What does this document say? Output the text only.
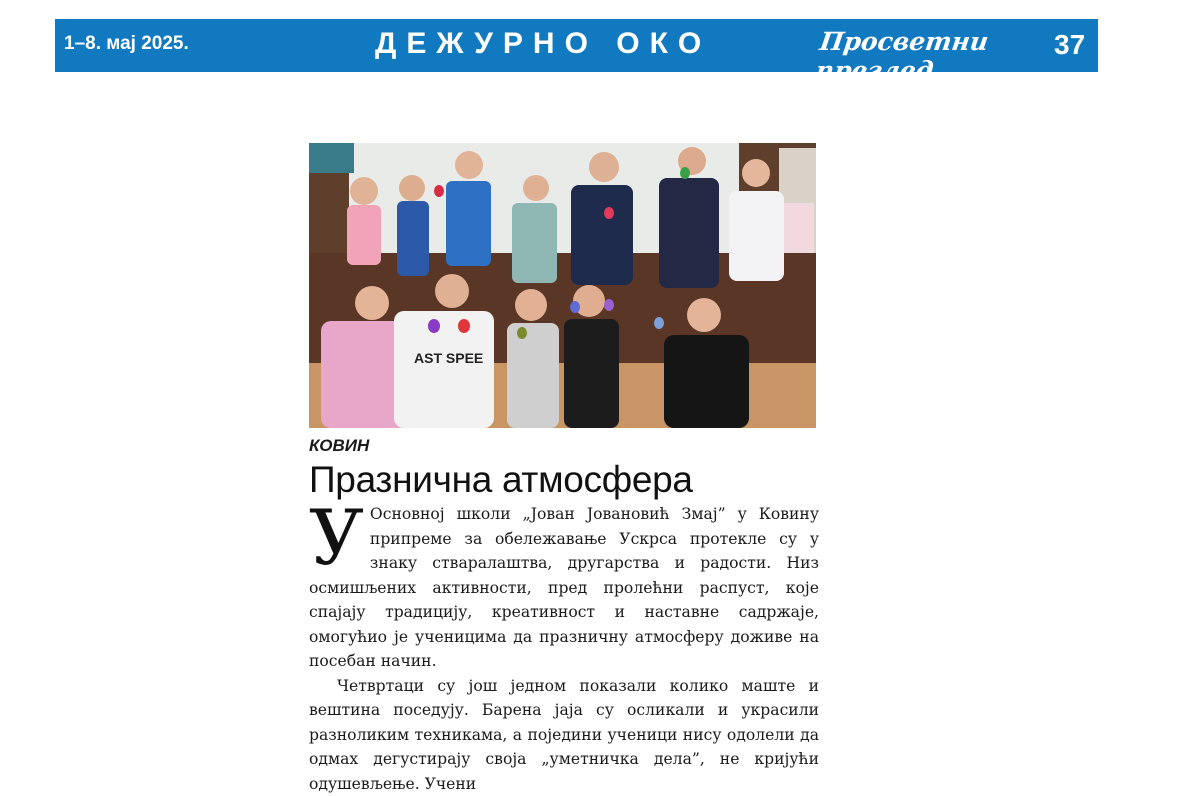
1–8. мај 2025.	ДЕЖУРНО ОКО	Просветни преглед
37
AST SPEE
КОВИН
Празнична атмосфера

У Основној школи „Јован Јовановић Змај” у Ковину припреме за обележавање Ускрса протекле су у знаку стваралаштва, другарства и радости. Низ осмишљених активности, пред пролећни распуст, које спајају традицију, креативност и наставне садржаје, омогућио је ученицима да празничну атмосферу доживе на посебан начин.

Четвртаци су још једном показали колико маште и вештина поседују. Барена јаја су осликали и украсили разноликим техникама, а поједини ученици нису одолели да одмах дегустирају своја „уметничка дела”, не кријући одушевљење. Учени
